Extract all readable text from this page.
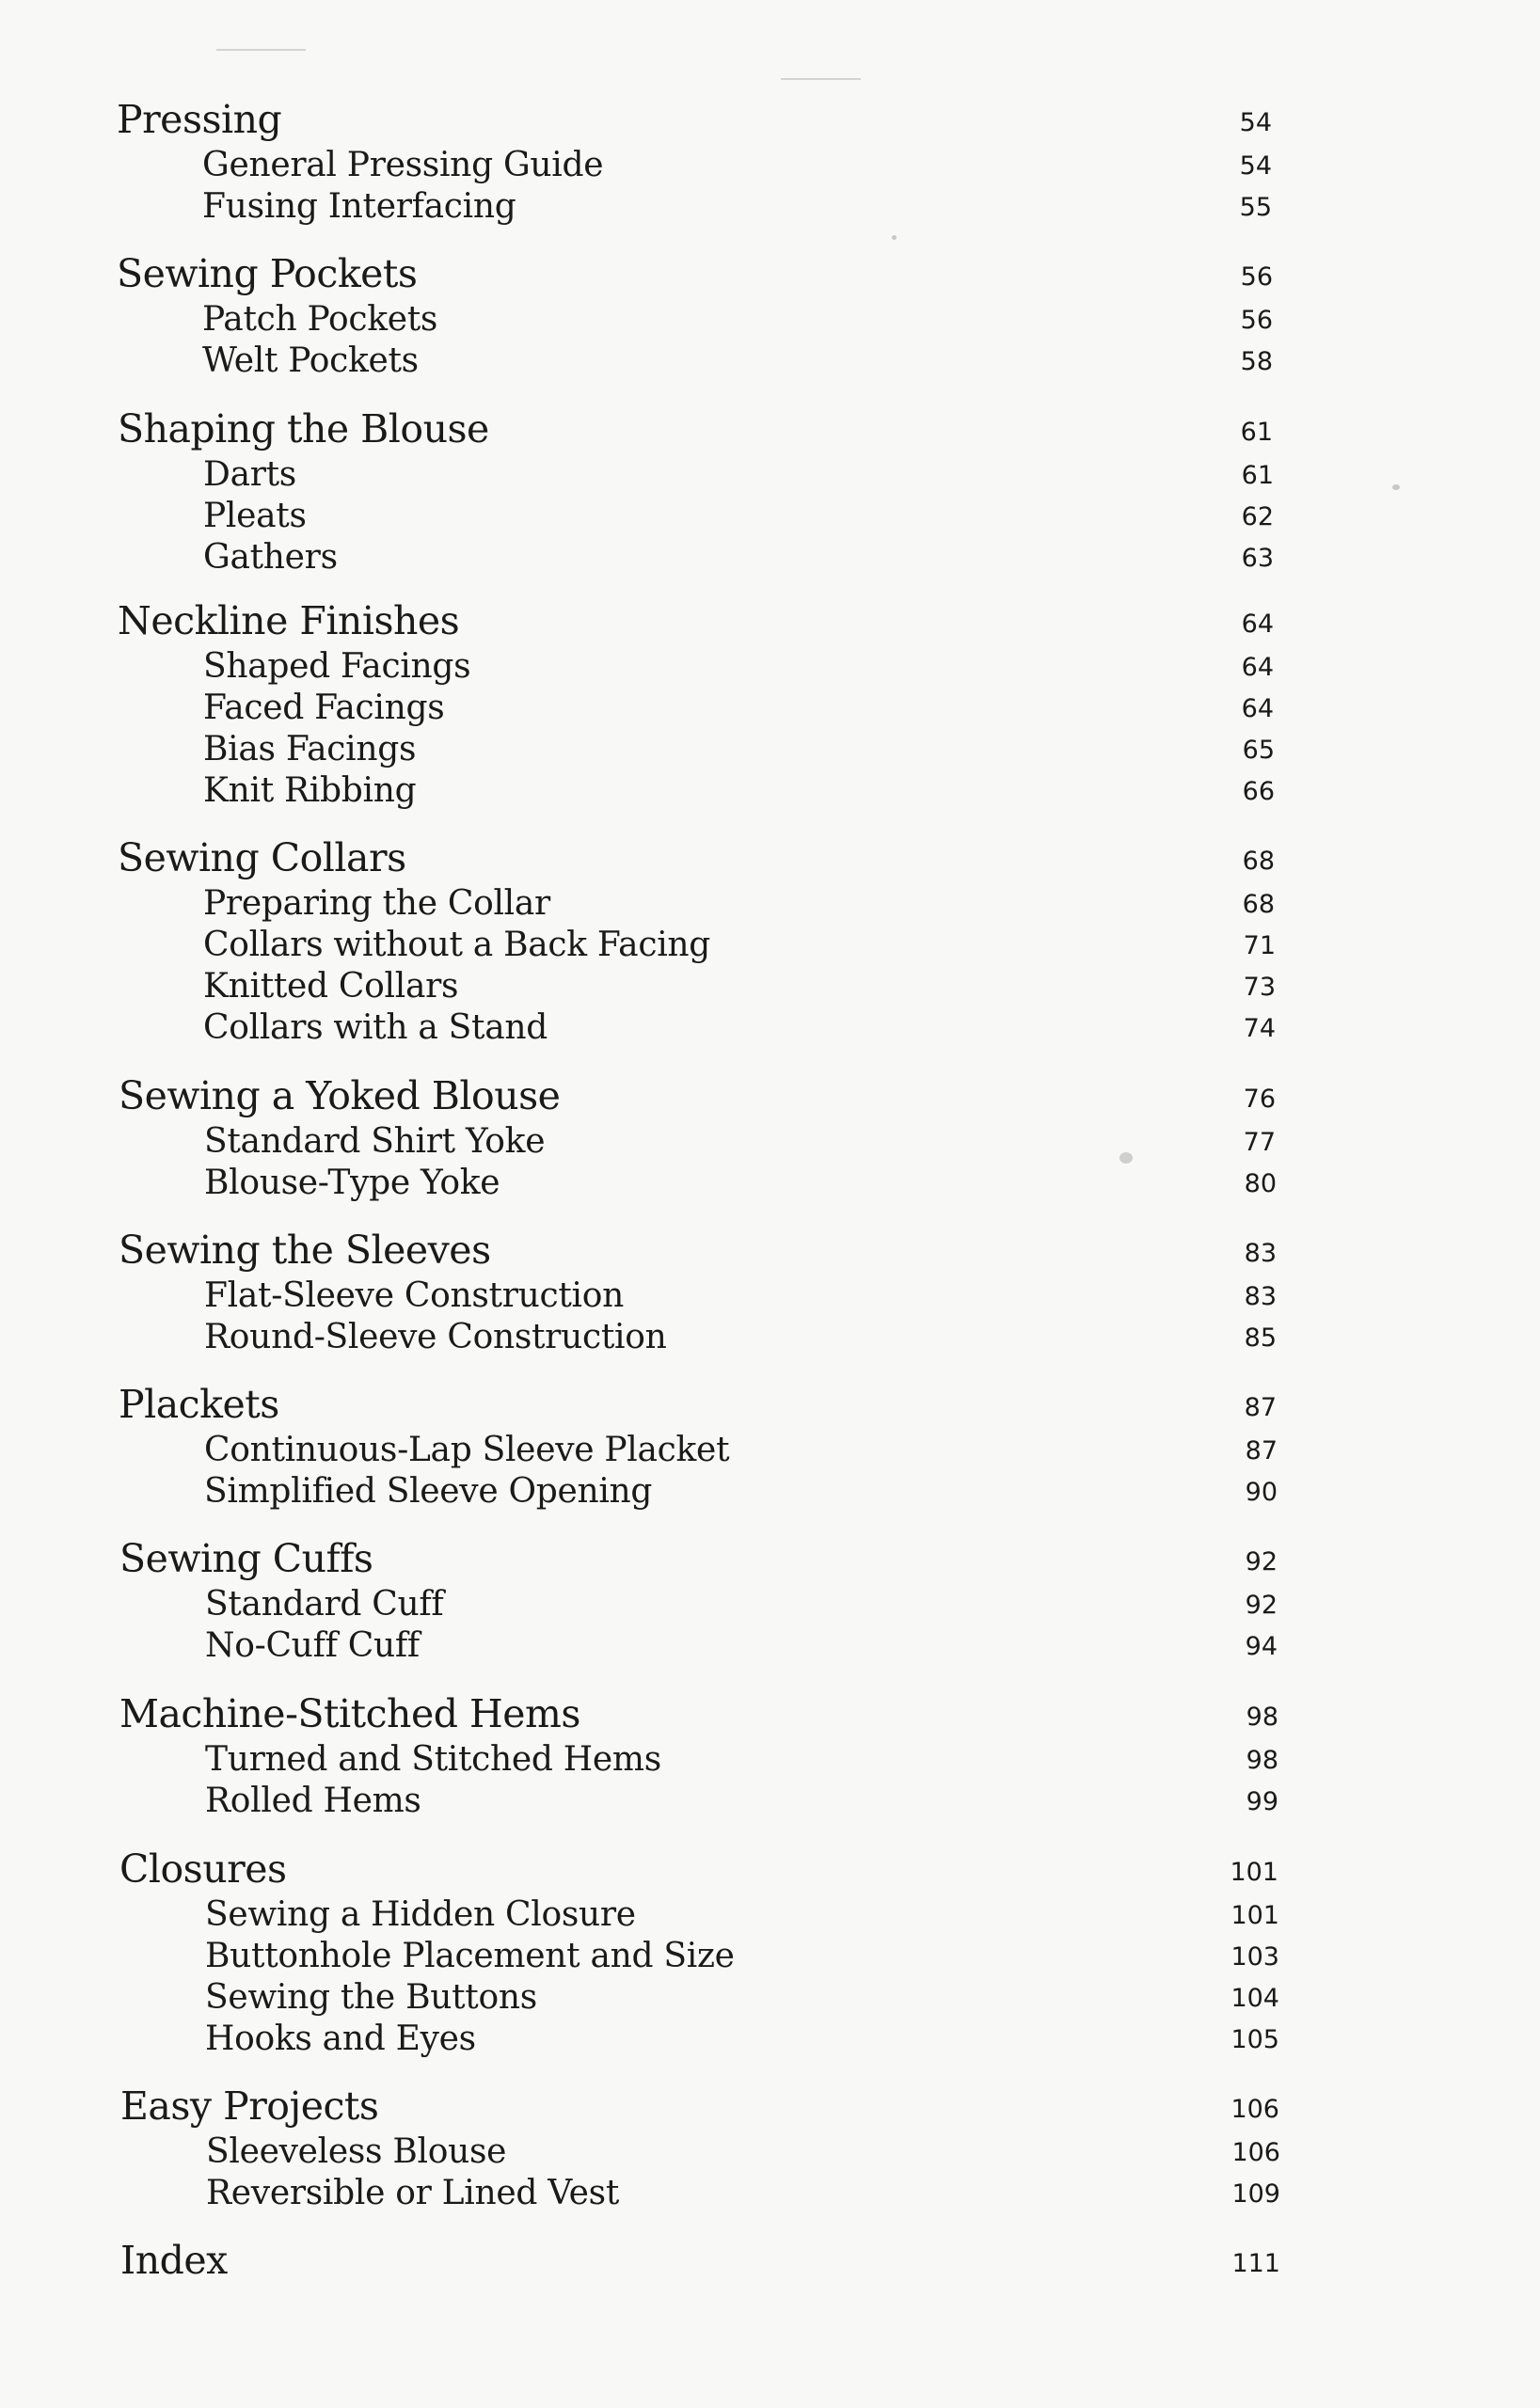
Pressing	54
General Pressing Guide	54
Fusing Interfacing	55
Sewing Pockets	56
Patch Pockets	56
Welt Pockets	58
Shaping the Blouse	61
Darts	61
Pleats	62
Gathers	63
Neckline Finishes	64
Shaped Facings	64
Faced Facings	64
Bias Facings	65
Knit Ribbing	66
Sewing Collars	68
Preparing the Collar	68
Collars without a Back Facing	71
Knitted Collars	73
Collars with a Stand	74
Sewing a Yoked Blouse	76
Standard Shirt Yoke	77
Blouse-Type Yoke	80
Sewing the Sleeves	83
Flat-Sleeve Construction	83
Round-Sleeve Construction	85
Plackets	87
Continuous-Lap Sleeve Placket	87
Simplified Sleeve Opening	90
Sewing Cuffs	92
Standard Cuff	92
No-Cuff Cuff	94
Machine-Stitched Hems	98
Turned and Stitched Hems	98
Rolled Hems	99
Closures	101
Sewing a Hidden Closure	101
Buttonhole Placement and Size	103
Sewing the Buttons	104
Hooks and Eyes	105
Easy Projects	106
Sleeveless Blouse	106
Reversible or Lined Vest	109
Index	111
